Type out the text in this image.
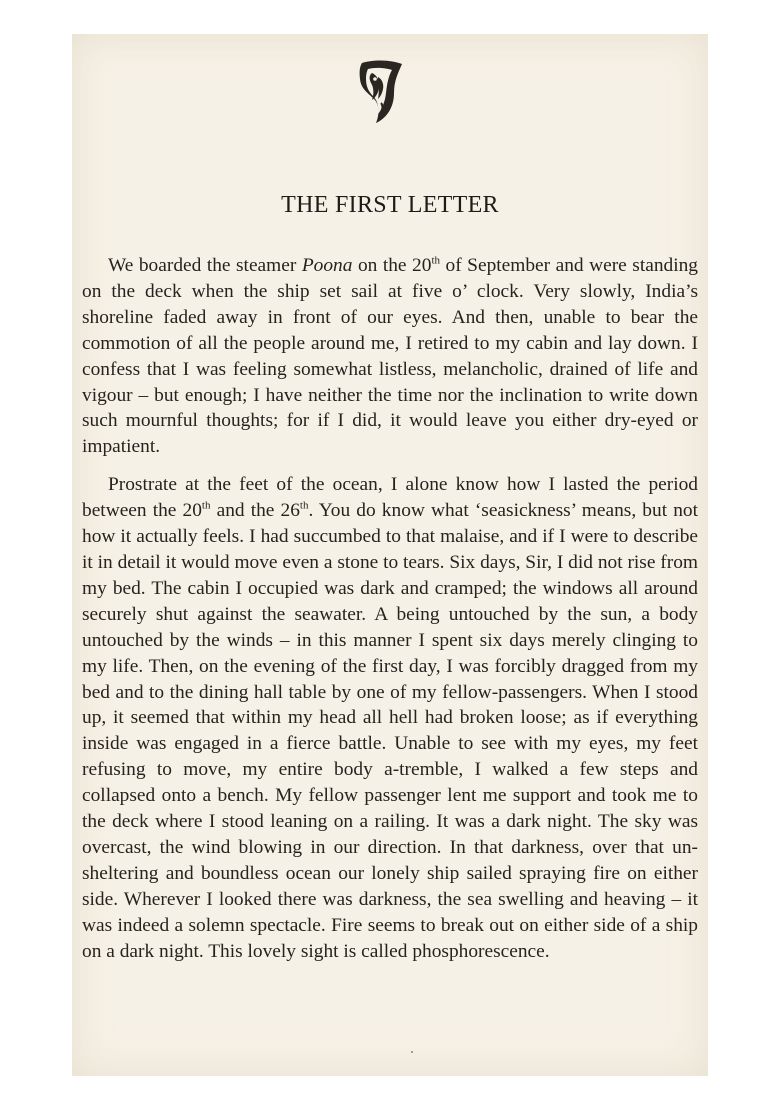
THE FIRST LETTER

We boarded the steamer Poona on the 20th of September and were standing on the deck when the ship set sail at five o’ clock. Very slowly, India’s shoreline faded away in front of our eyes. And then, unable to bear the commotion of all the people around me, I retired to my cabin and lay down. I confess that I was feeling somewhat listless, melancholic, drained of life and vigour – but enough; I have neither the time nor the inclination to write down such mournful thoughts; for if I did, it would leave you either dry-eyed or impatient.

Prostrate at the feet of the ocean, I alone know how I lasted the period between the 20th and the 26th. You do know what ‘seasickness’ means, but not how it actually feels. I had succumbed to that malaise, and if I were to describe it in detail it would move even a stone to tears. Six days, Sir, I did not rise from my bed. The cabin I occupied was dark and cramped; the windows all around securely shut against the seawater. A being untouched by the sun, a body untouched by the winds – in this manner I spent six days merely clinging to my life. Then, on the evening of the first day, I was forcibly dragged from my bed and to the dining hall table by one of my fellow-passengers. When I stood up, it seemed that within my head all hell had broken loose; as if everything inside was engaged in a fierce battle. Unable to see with my eyes, my feet refusing to move, my entire body a-tremble, I walked a few steps and collapsed onto a bench. My fellow passenger lent me support and took me to the deck where I stood leaning on a railing. It was a dark night. The sky was overcast, the wind blowing in our direction. In that darkness, over that un-sheltering and boundless ocean our lonely ship sailed spraying fire on either side. Wherever I looked there was darkness, the sea swelling and heaving – it was indeed a solemn spectacle. Fire seems to break out on either side of a ship on a dark night. This lovely sight is called phosphorescence.
